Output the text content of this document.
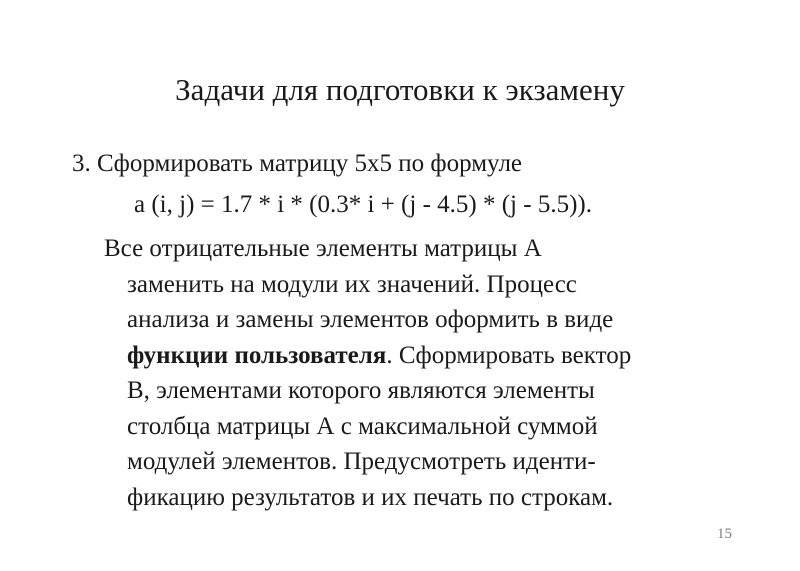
Задачи для подготовки к экзамену

3. Сформировать матрицу 5х5 по формуле

a (i, j) = 1.7 * i * (0.3* i + (j - 4.5) * (j - 5.5)).

Все отрицательные элементы матрицы А
заменить на модули их значений. Процесс
анализа и замены элементов оформить в виде
функции пользователя. Сформировать вектор
В, элементами которого являются элементы
столбца матрицы А с максимальной суммой
модулей элементов. Предусмотреть иденти-
фикацию результатов и их печать по строкам.

15
